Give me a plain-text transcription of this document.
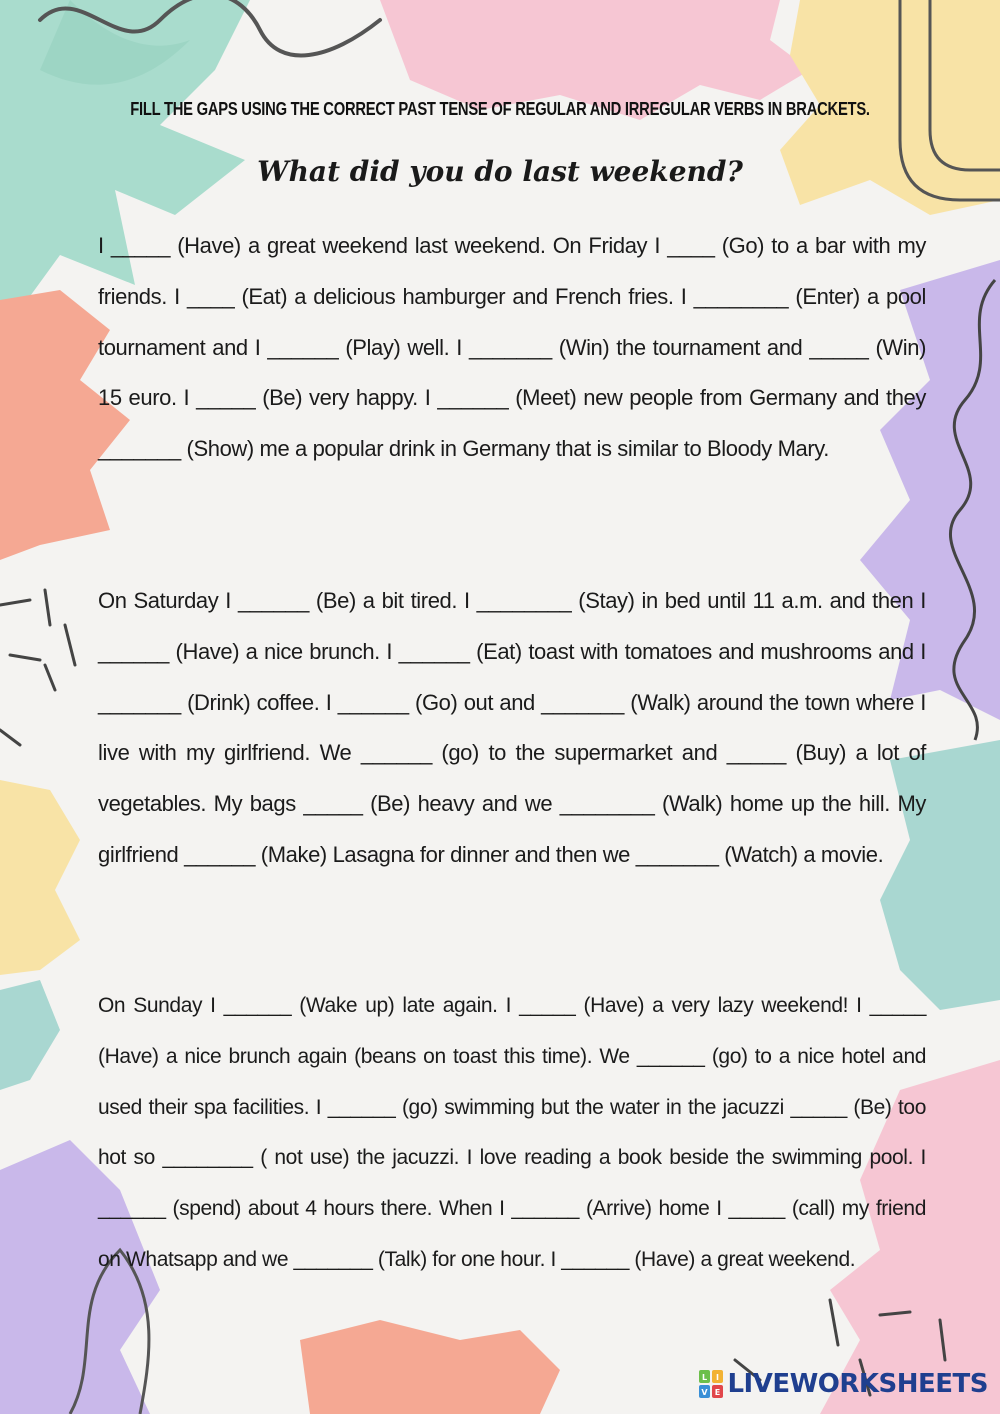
FILL THE GAPS USING THE CORRECT PAST TENSE OF REGULAR AND IRREGULAR VERBS IN BRACKETS.
What did you do last weekend?
I _____ (Have) a great weekend last weekend. On Friday I ____ (Go) to a bar with my friends. I ____ (Eat) a delicious hamburger and French fries. I ________ (Enter) a pool tournament and I ______ (Play) well. I _______ (Win) the tournament and _____ (Win) 15 euro. I _____ (Be) very happy. I ______ (Meet) new people from Germany and they _______ (Show) me a popular drink in Germany that is similar to Bloody Mary.
On Saturday I ______ (Be) a bit tired. I ________ (Stay) in bed until 11 a.m. and then I ______ (Have) a nice brunch. I ______ (Eat) toast with tomatoes and mushrooms and I _______ (Drink) coffee. I ______ (Go) out and _______ (Walk) around the town where I live with my girlfriend. We ______ (go) to the supermarket and _____ (Buy) a lot of vegetables. My bags _____ (Be) heavy and we ________ (Walk) home up the hill. My girlfriend ______ (Make) Lasagna for dinner and then we _______ (Watch) a movie.
On Sunday I ______ (Wake up) late again. I _____ (Have) a very lazy weekend! I _____ (Have) a nice brunch again (beans on toast this time). We ______ (go) to a nice hotel and used their spa facilities. I ______ (go) swimming but the water in the jacuzzi _____ (Be) too hot so ________ ( not use) the jacuzzi. I love reading a book beside the swimming pool. I ______ (spend) about 4 hours there. When I ______ (Arrive) home I _____ (call) my friend on Whatsapp and we _______ (Talk) for one hour. I ______ (Have) a great weekend.
L I
V E LIVEWORKSHEETS
